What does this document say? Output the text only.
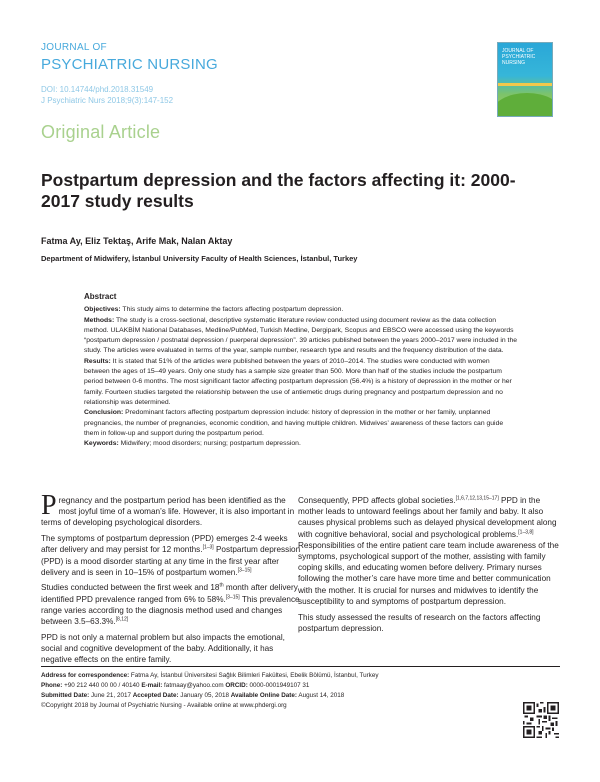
JOURNAL OF
PSYCHIATRIC NURSING
DOI: 10.14744/phd.2018.31549
J Psychiatric Nurs 2018;9(3):147-152
JOURNAL OF PSYCHIATRIC NURSING
Original Article
Postpartum depression and the factors affecting it: 2000-2017 study results
Fatma Ay, Eliz Tektaş, Arife Mak, Nalan Aktay
Department of Midwifery, İstanbul University Faculty of Health Sciences, İstanbul, Turkey
Abstract

Objectives: This study aims to determine the factors affecting postpartum depression.

Methods: The study is a cross-sectional, descriptive systematic literature review conducted using document review as the data collection method. ULAKBİM National Databases, Medline/PubMed, Turkish Medline, Dergipark, Scopus and EBSCO were accessed using the keywords “postpartum depression / postnatal depression / puerperal depression”. 39 articles published between the years 2000–2017 were included in the study. The articles were evaluated in terms of the year, sample number, research type and results and the frequency distribution of the data.

Results: It is stated that 51% of the articles were published between the years of 2010–2014. The studies were conducted with women between the ages of 15–49 years. Only one study has a sample size greater than 500. More than half of the studies include the postpartum period between 0-6 months. The most significant factor affecting postpartum depression (56.4%) is a history of depression in the mother or her family. Fourteen studies targeted the relationship between the use of antiemetic drugs during pregnancy and postpartum depression and no relationship was determined.

Conclusion: Predominant factors affecting postpartum depression include: history of depression in the mother or her family, unplanned pregnancies, the number of pregnancies, economic condition, and having multiple children. Midwives’ awareness of these factors can guide them in follow-up and support during the postpartum period.

Keywords: Midwifery; mood disorders; nursing; postpartum depression.

Pregnancy and the postpartum period has been identified as the most joyful time of a woman’s life. However, it is also important in terms of developing psychological disorders.

The symptoms of postpartum depression (PPD) emerges 2-4 weeks after delivery and may persist for 12 months.[1–3] Postpartum depression (PPD) is a mood disorder starting at any time in the first year after delivery and is seen in 10–15% of postpartum women.[3–15]

Studies conducted between the first week and 18th month after delivery identified PPD prevalence ranged from 6% to 58%.[3–15] This prevalence range varies according to the diagnosis method used and changes between 3.5–63.3%.[8,12]

PPD is not only a maternal problem but also impacts the emotional, social and cognitive development of the baby. Additionally, it has negative effects on the entire family.

Consequently, PPD affects global societies.[1,6,7,12,13,15–17] PPD in the mother leads to untoward feelings about her family and baby. It also causes physical problems such as delayed physical development along with cognitive behavioral, social and psychological problems.[1–3,8] Responsibilities of the entire patient care team include awareness of the symptoms, psychological support of the mother, assisting with family coping skills, and educating women before delivery. Primary nurses following the mother’s care have more time and better communication with the mother. It is crucial for nurses and midwives to identify the susceptibility to and symptoms of postpartum depression.

This study assessed the results of research on the factors affecting postpartum depression.

Address for correspondence: Fatma Ay, İstanbul Üniversitesi Sağlık Bilimleri Fakültesi, Ebelik Bölümü, İstanbul, Turkey
Phone: +90 212 440 00 00 / 40140 E-mail: fatmaay@yahoo.com ORCID: 0000-0001949107 31
Submitted Date: June 21, 2017 Accepted Date: January 05, 2018 Available Online Date: August 14, 2018
©Copyright 2018 by Journal of Psychiatric Nursing - Available online at www.phdergi.org
